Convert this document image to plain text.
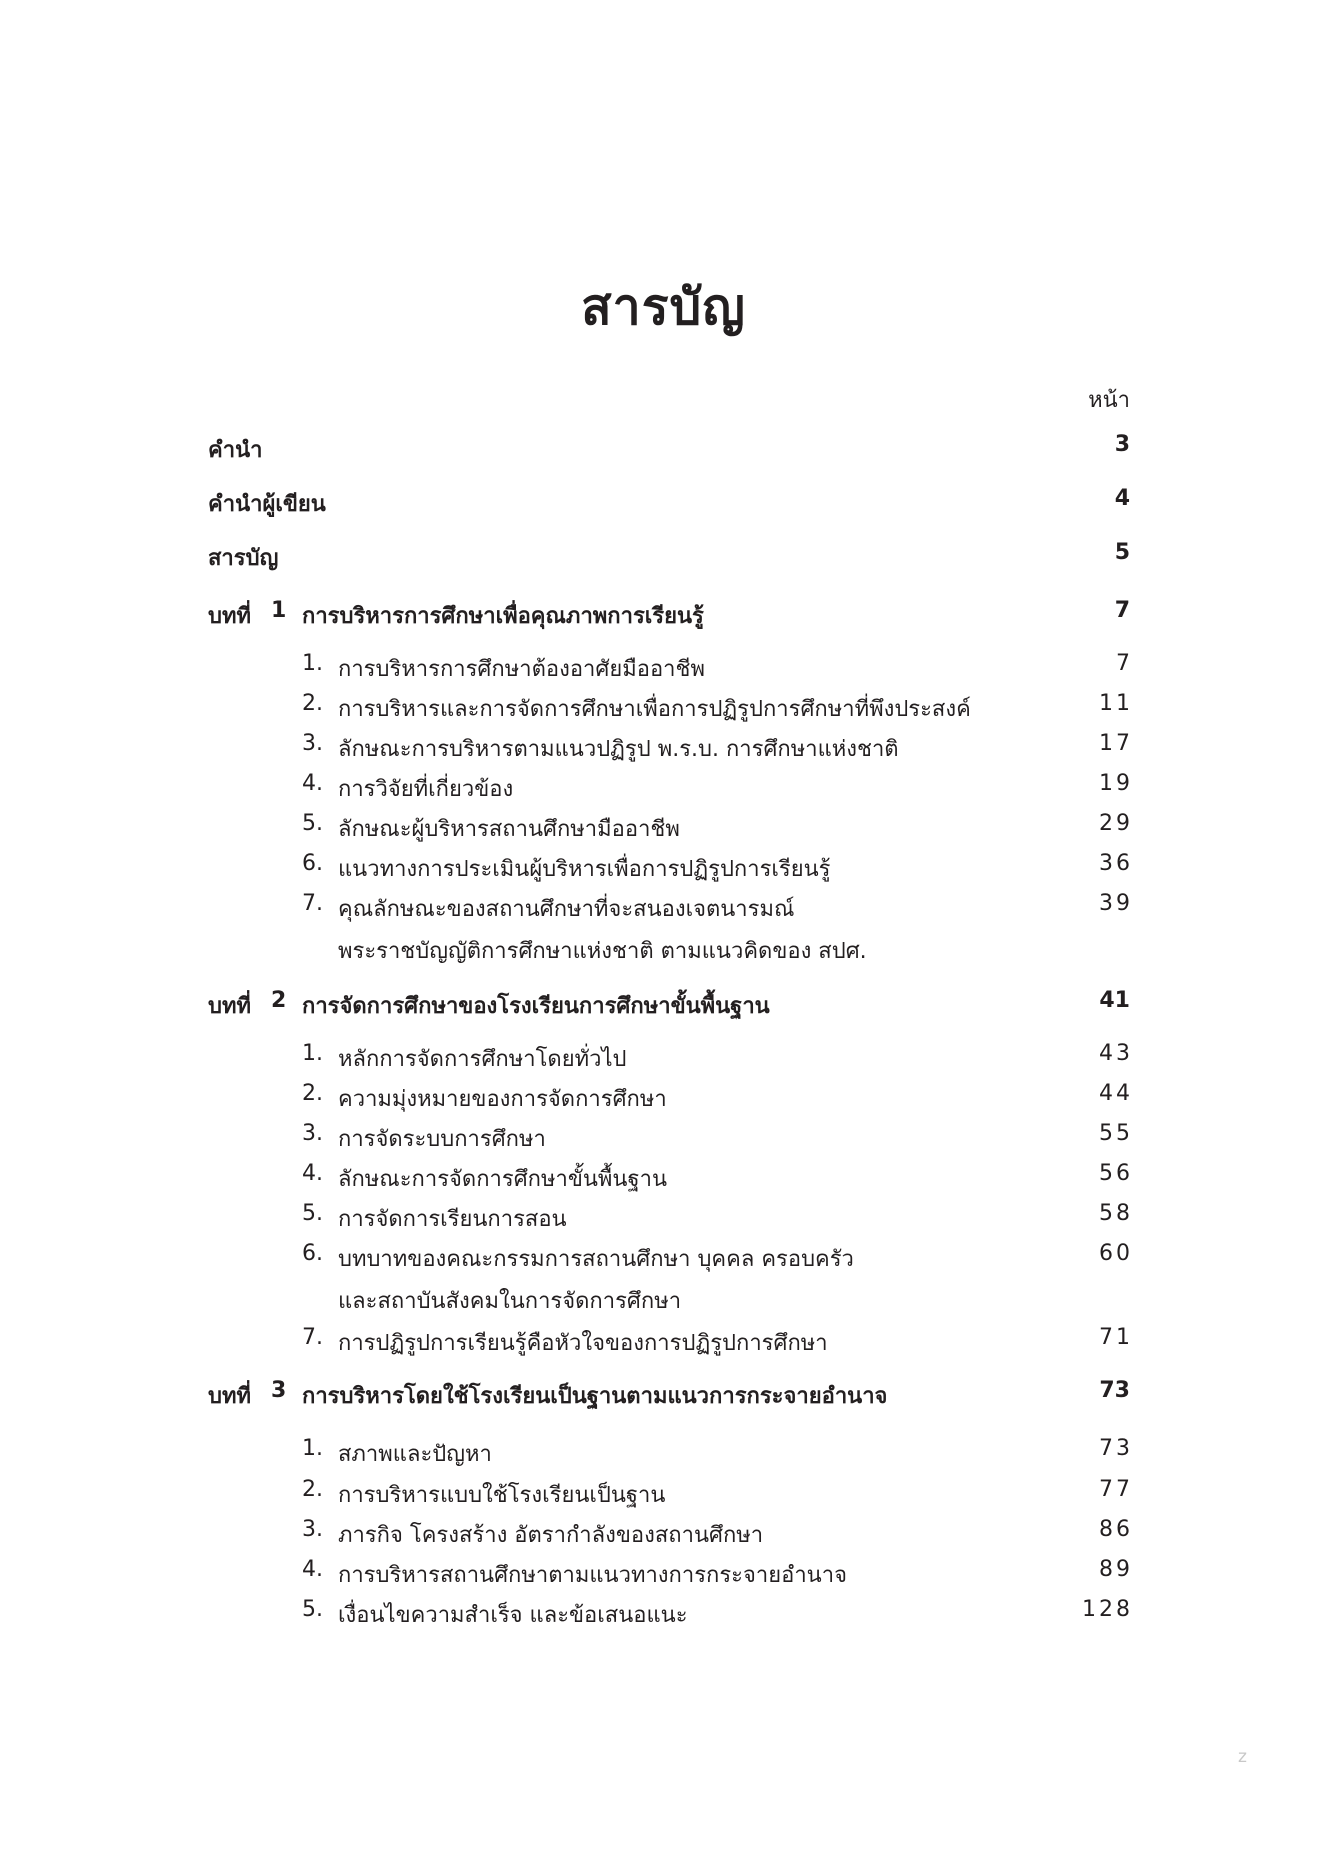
สารบัญ
หน้า
คำนำ	3
คำนำผู้เขียน	4
สารบัญ	5
บทที่ 1 การบริหารการศึกษาเพื่อคุณภาพการเรียนรู้	7
1. การบริหารการศึกษาต้องอาศัยมืออาชีพ	7
2. การบริหารและการจัดการศึกษาเพื่อการปฏิรูปการศึกษาที่พึงประสงค์	11
3. ลักษณะการบริหารตามแนวปฏิรูป พ.ร.บ. การศึกษาแห่งชาติ	17
4. การวิจัยที่เกี่ยวข้อง	19
5. ลักษณะผู้บริหารสถานศึกษามืออาชีพ	29
6. แนวทางการประเมินผู้บริหารเพื่อการปฏิรูปการเรียนรู้	36
7. คุณลักษณะของสถานศึกษาที่จะสนองเจตนารมณ์	39
พระราชบัญญัติการศึกษาแห่งชาติ ตามแนวคิดของ สปศ.
บทที่ 2 การจัดการศึกษาของโรงเรียนการศึกษาขั้นพื้นฐาน	41
1. หลักการจัดการศึกษาโดยทั่วไป	43
2. ความมุ่งหมายของการจัดการศึกษา	44
3. การจัดระบบการศึกษา	55
4. ลักษณะการจัดการศึกษาขั้นพื้นฐาน	56
5. การจัดการเรียนการสอน	58
6. บทบาทของคณะกรรมการสถานศึกษา บุคคล ครอบครัว	60
และสถาบันสังคมในการจัดการศึกษา
7. การปฏิรูปการเรียนรู้คือหัวใจของการปฏิรูปการศึกษา	71
บทที่ 3 การบริหารโดยใช้โรงเรียนเป็นฐานตามแนวการกระจายอำนาจ	73
1. สภาพและปัญหา	73
2. การบริหารแบบใช้โรงเรียนเป็นฐาน	77
3. ภารกิจ โครงสร้าง อัตรากำลังของสถานศึกษา	86
4. การบริหารสถานศึกษาตามแนวทางการกระจายอำนาจ	89
5. เงื่อนไขความสำเร็จ และข้อเสนอแนะ	128
z
